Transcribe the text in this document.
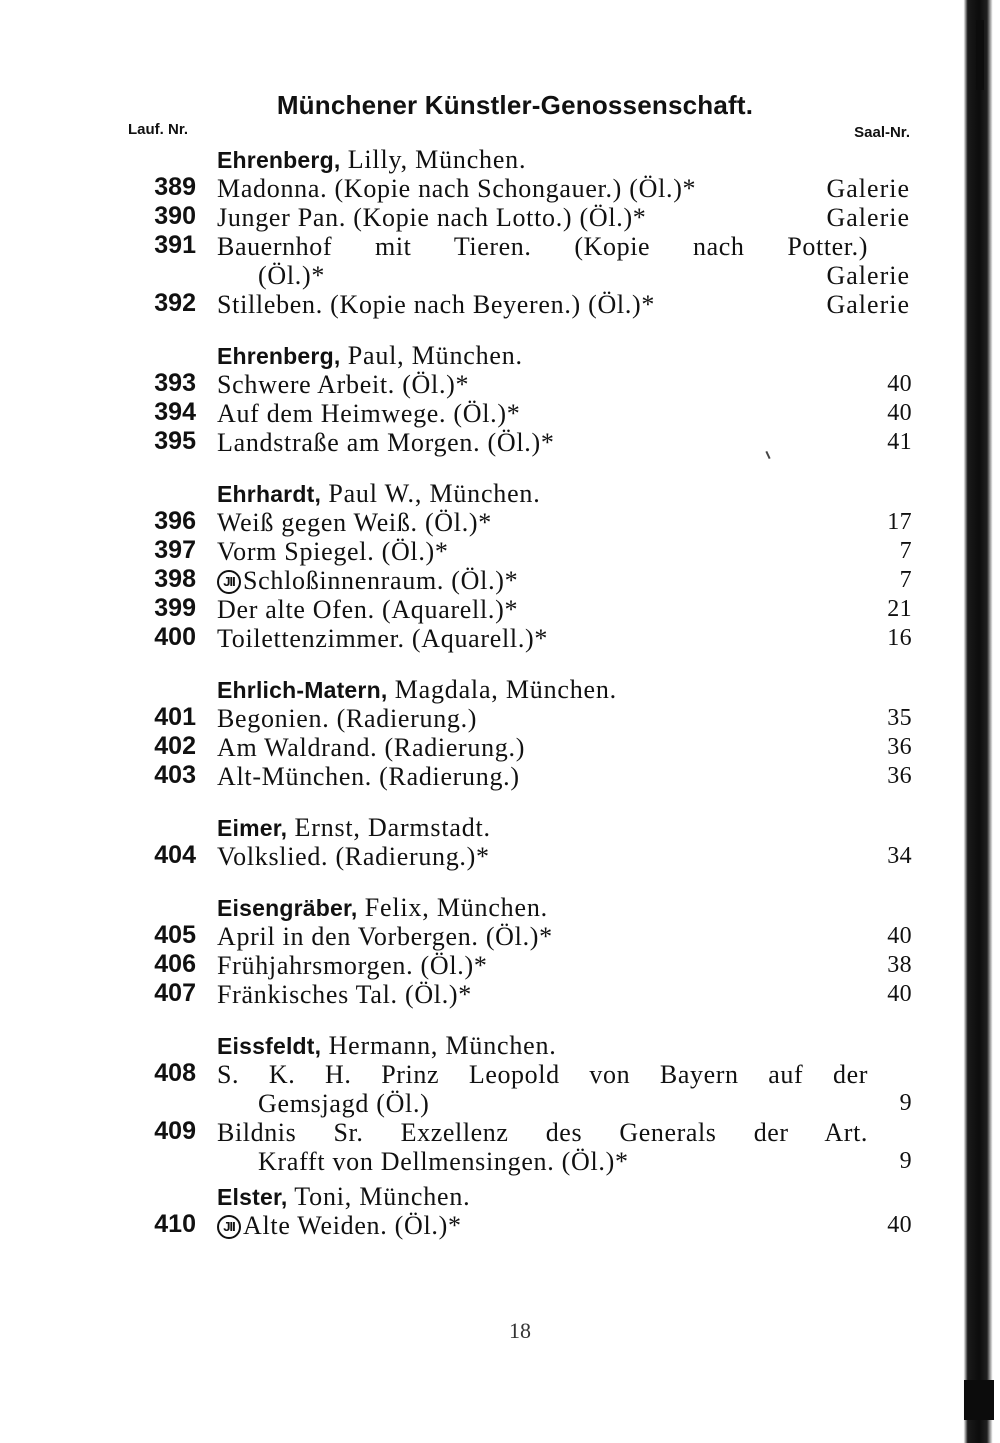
Münchener Künstler-Genossenschaft.
Lauf. Nr.	Saal-Nr.
Ehrenberg, Lilly, München.
389 Madonna. (Kopie nach Schongauer.) (Öl.)*	Galerie
390 Junger Pan. (Kopie nach Lotto.) (Öl.)*	Galerie
391 Bauernhof mit Tieren. (Kopie nach Potter.)
(Öl.)*	Galerie
392 Stilleben. (Kopie nach Beyeren.) (Öl.)*	Galerie
Ehrenberg, Paul, München.
393 Schwere Arbeit. (Öl.)*	40
394 Auf dem Heimwege. (Öl.)*	40
395 Landstraße am Morgen. (Öl.)*	41
Ehrhardt, Paul W., München.
396 Weiß gegen Weiß. (Öl.)*	17
397 Vorm Spiegel. (Öl.)*	7
398	JII Schloßinnenraum. (Öl.)*	7
399 Der alte Ofen. (Aquarell.)*	21
400 Toilettenzimmer. (Aquarell.)*	16
Ehrlich-Matern, Magdala, München.
401 Begonien. (Radierung.)	35
402 Am Waldrand. (Radierung.)	36
403 Alt-München. (Radierung.)	36
Eimer, Ernst, Darmstadt.
404 Volkslied. (Radierung.)*	34
Eisengräber, Felix, München.
405 April in den Vorbergen. (Öl.)*	40
406 Frühjahrsmorgen. (Öl.)*	38
407 Fränkisches Tal. (Öl.)*	40
Eissfeldt, Hermann, München.
408 S. K. H. Prinz Leopold von Bayern auf der
Gemsjagd (Öl.)	9
409 Bildnis Sr. Exzellenz des Generals der Art.
Krafft von Dellmensingen. (Öl.)*	9
Elster, Toni, München.
410	JII Alte Weiden. (Öl.)*	40
18
